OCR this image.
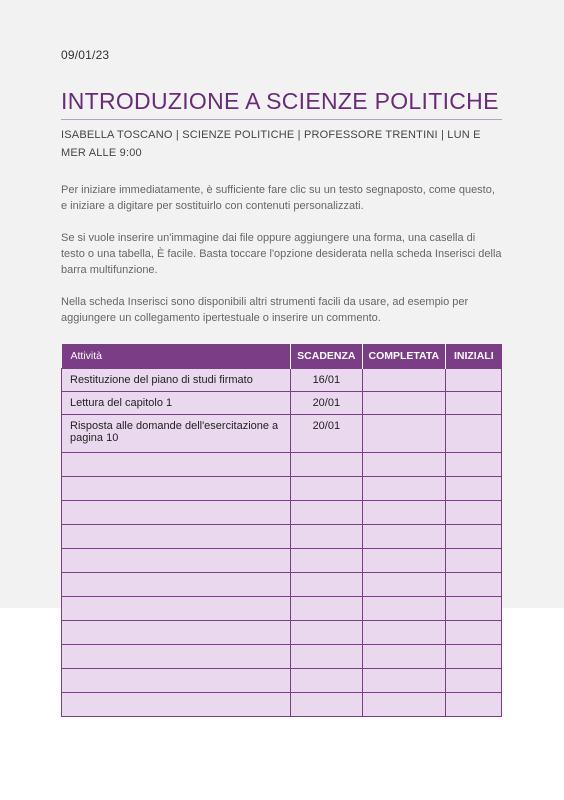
09/01/23
INTRODUZIONE A SCIENZE POLITICHE
ISABELLA TOSCANO | SCIENZE POLITICHE | PROFESSORE TRENTINI | LUN E MER ALLE 9:00
Per iniziare immediatamente, è sufficiente fare clic su un testo segnaposto, come questo, e iniziare a digitare per sostituirlo con contenuti personalizzati.
Se si vuole inserire un'immagine dai file oppure aggiungere una forma, una casella di testo o una tabella, È facile. Basta toccare l'opzione desiderata nella scheda Inserisci della barra multifunzione.
Nella scheda Inserisci sono disponibili altri strumenti facili da usare, ad esempio per aggiungere un collegamento ipertestuale o inserire un commento.
Attività	SCADENZA	COMPLETATA	INIZIALI
Restituzione del piano di studi firmato	16/01		
Lettura del capitolo 1	20/01		
Risposta alle domande dell'esercitazione a pagina 10	20/01		
